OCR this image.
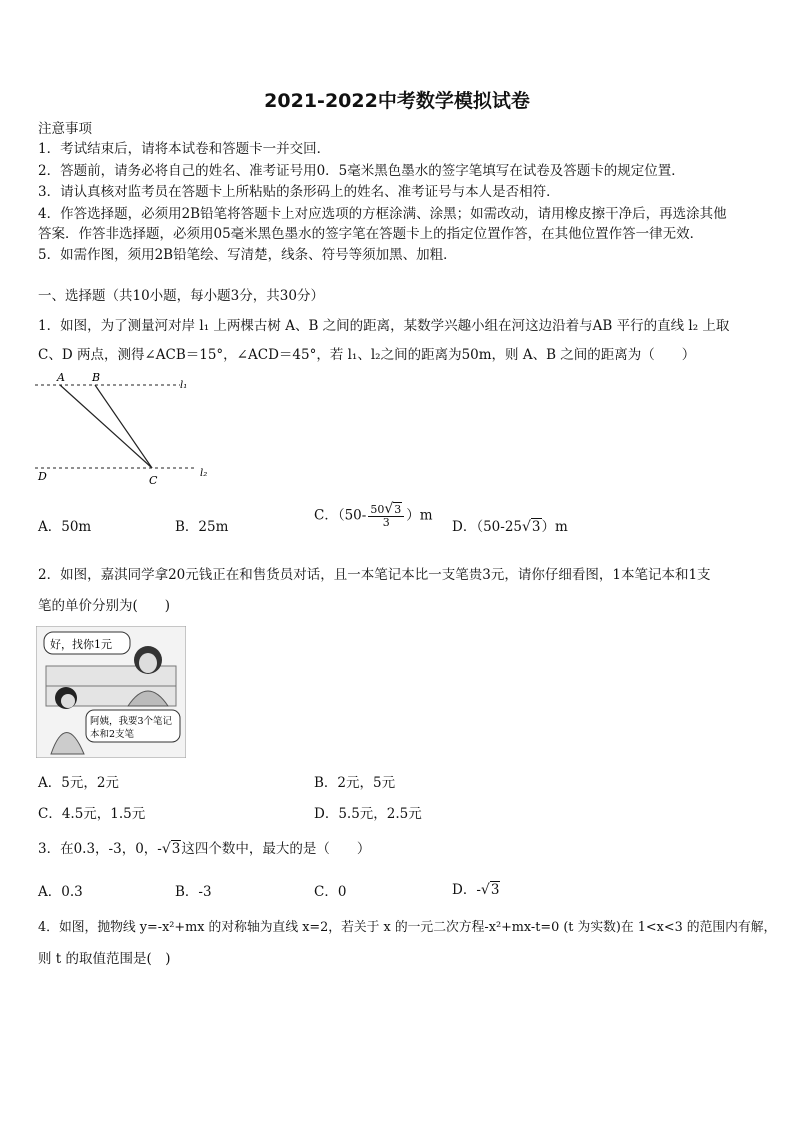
2021-2022中考数学模拟试卷
注意事项
1．考试结束后，请将本试卷和答题卡一并交回．
2．答题前，请务必将自己的姓名、准考证号用0．5毫米黑色墨水的签字笔填写在试卷及答题卡的规定位置．
3．请认真核对监考员在答题卡上所粘贴的条形码上的姓名、准考证号与本人是否相符．
4．作答选择题，必须用2B铅笔将答题卡上对应选项的方框涂满、涂黑；如需改动，请用橡皮擦干净后，再选涂其他
答案．作答非选择题，必须用05毫米黑色墨水的签字笔在答题卡上的指定位置作答，在其他位置作答一律无效．
5．如需作图，须用2B铅笔绘、写清楚，线条、符号等须加黑、加粗．
一、选择题（共10小题，每小题3分，共30分）
1．如图，为了测量河对岸 l₁ 上两棵古树 A、B 之间的距离，某数学兴趣小组在河这边沿着与AB 平行的直线 l₂ 上取
C、D 两点，测得∠ACB＝15°，∠ACD＝45°，若 l₁、l₂之间的距离为50m，则 A、B 之间的距离为（　　）
A B
l₁
D	C
l₂
A．50m	B．25m
C．$(50- \frac{50√3}{3} )m$
D．（50-25√3）m
2．如图，嘉淇同学拿20元钱正在和售货员对话，且一本笔记本比一支笔贵3元，请你仔细看图，1本笔记本和1支
笔的单价分别为(　　)
好，找你1元
阿姨，我要3个笔记
本和2支笔
A．5元，2元	B．2元，5元
C．4.5元，1.5元	D．5.5元，2.5元
3．在0.3，-3，0，-√3这四个数中，最大的是（　　）
A．0.3	B．-3	C．0	D．-√3
4．如图，抛物线 y=-x²+mx 的对称轴为直线 x=2，若关于 x 的一元二次方程-x²+mx-t=0 (t 为实数)在 1<x<3 的范围内有解，
则 t 的取值范围是(　)
